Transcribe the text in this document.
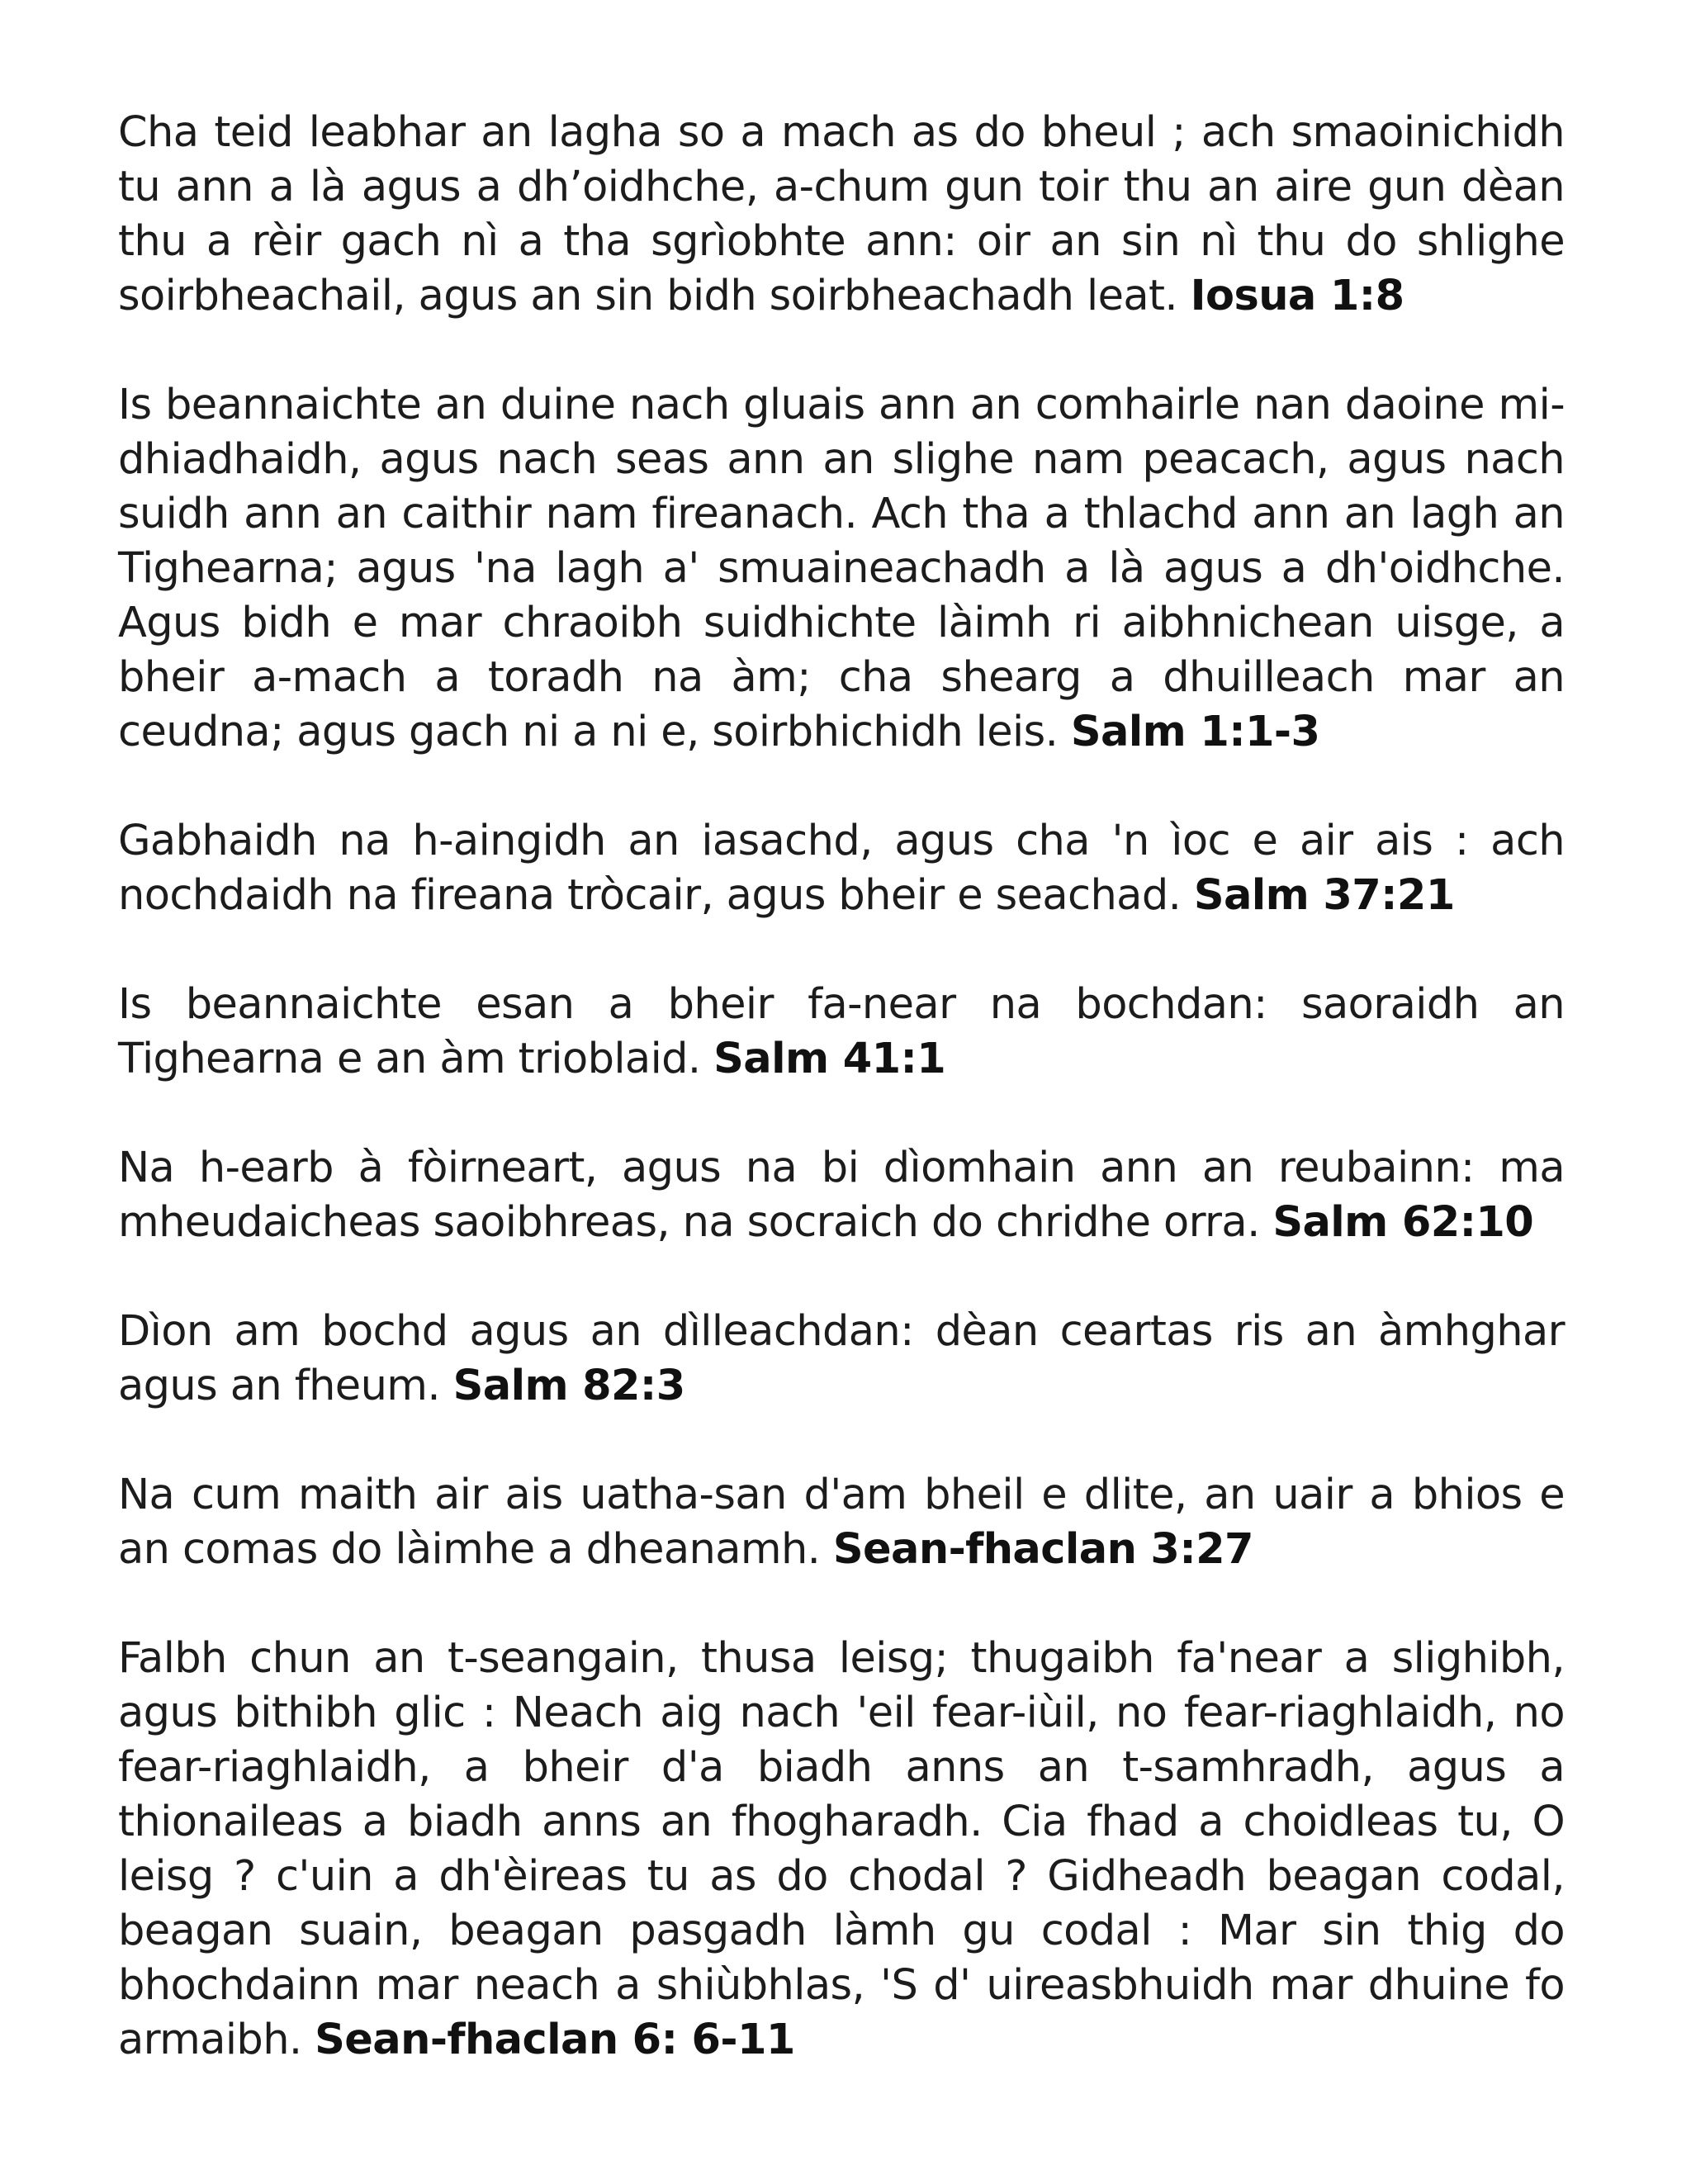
Cha teid leabhar an lagha so a mach as do bheul ; ach smaoinichidh tu ann a là agus a dh’oidhche, a-chum gun toir thu an aire gun dèan thu a rèir gach nì a tha sgrìobhte ann: oir an sin nì thu do shlighe soirbheachail, agus an sin bidh soirbheachadh leat. Iosua 1:8

Is beannaichte an duine nach gluais ann an comhairle nan daoine mi-dhiadhaidh, agus nach seas ann an slighe nam peacach, agus nach suidh ann an caithir nam fireanach. Ach tha a thlachd ann an lagh an Tighearna; agus 'na lagh a' smuaineachadh a là agus a dh'oidhche. Agus bidh e mar chraoibh suidhichte làimh ri aibhnichean uisge, a bheir a-mach a toradh na àm; cha shearg a dhuilleach mar an ceudna; agus gach ni a ni e, soirbhichidh leis. Salm 1:1-3

Gabhaidh na h-aingidh an iasachd, agus cha 'n ìoc e air ais : ach nochdaidh na fireana tròcair, agus bheir e seachad. Salm 37:21

Is beannaichte esan a bheir fa-near na bochdan: saoraidh an Tighearna e an àm trioblaid. Salm 41:1

Na h-earb à fòirneart, agus na bi dìomhain ann an reubainn: ma mheudaicheas saoibhreas, na socraich do chridhe orra. Salm 62:10

Dìon am bochd agus an dìlleachdan: dèan ceartas ris an àmhghar agus an fheum. Salm 82:3

Na cum maith air ais uatha-san d'am bheil e dlite, an uair a bhios e an comas do làimhe a dheanamh. Sean-fhaclan 3:27

Falbh chun an t-seangain, thusa leisg; thugaibh fa'near a slighibh, agus bithibh glic : Neach aig nach 'eil fear-iùil, no fear-riaghlaidh, no fear-riaghlaidh, a bheir d'a biadh anns an t-samhradh, agus a thionaileas a biadh anns an fhogharadh. Cia fhad a choidleas tu, O leisg ? c'uin a dh'èireas tu as do chodal ? Gidheadh beagan codal, beagan suain, beagan pasgadh làmh gu codal : Mar sin thig do bhochdainn mar neach a shiùbhlas, 'S d' uireasbhuidh mar dhuine fo armaibh. Sean-fhaclan 6: 6-11
